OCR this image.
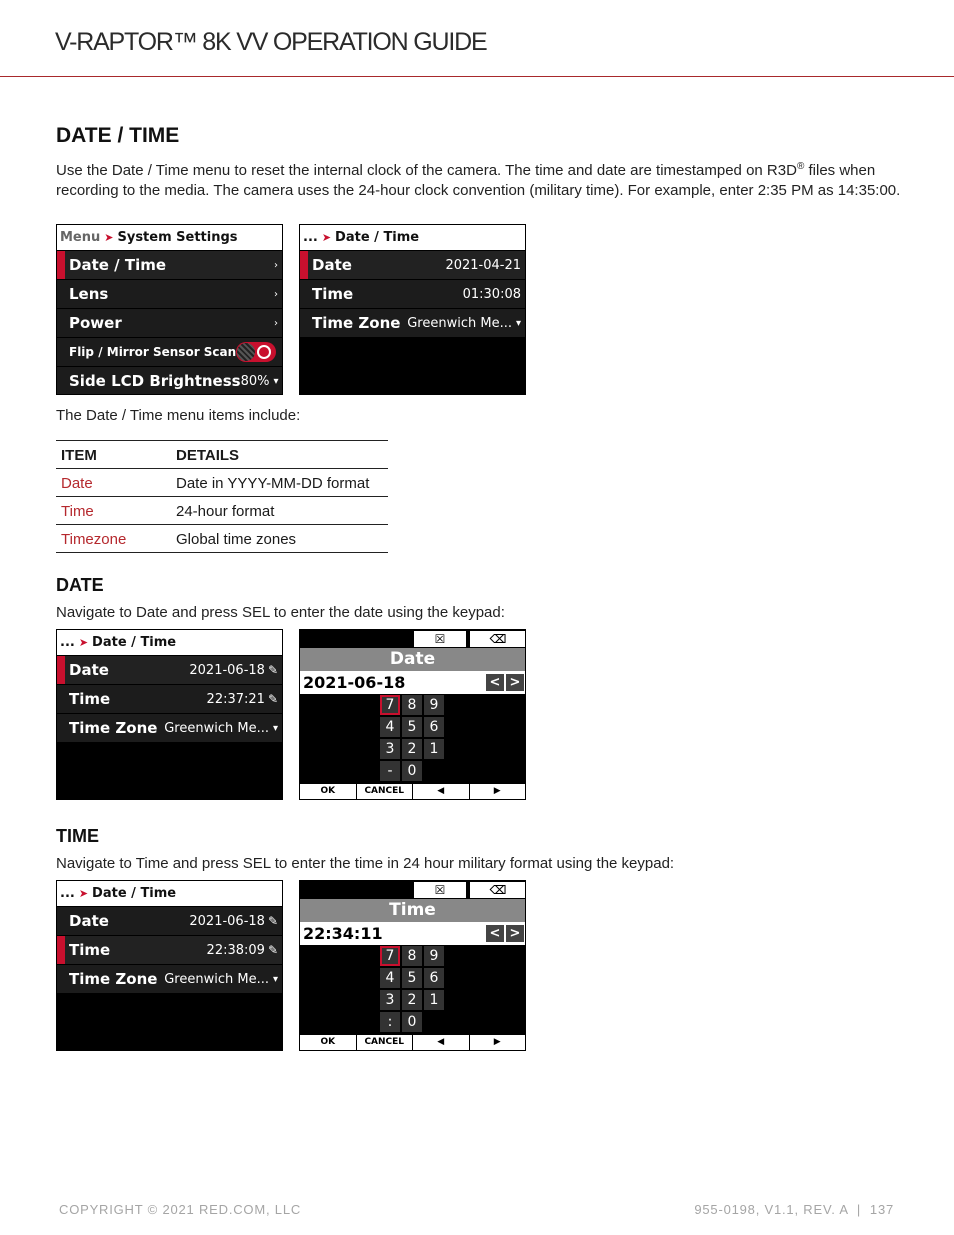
V-RAPTOR™ 8K VV OPERATION GUIDE
DATE / TIME

Use the Date / Time menu to reset the internal clock of the camera. The time and date are timestamped on R3D® files when recording to the media. The camera uses the 24-hour clock convention (military time). For example, enter 2:35 PM as 14:35:00.

Menu ➤ System Settings
Date / Time	›
Lens	›
Power	›
Flip / Mirror Sensor Scan
Side LCD Brightness 80% ▾
... ➤ Date / Time
Date	2021-04-21
Time	01:30:08
Time Zone Greenwich Me... ▾

The Date / Time menu items include:

ITEM	DETAILS
Date	Date in YYYY-MM-DD format
Time	24-hour format
Timezone	Global time zones
DATE

Navigate to Date and press SEL to enter the date using the keypad:

... ➤ Date / Time
Date	2021-06-18 ✎
Time	22:37:21 ✎
Time Zone Greenwich Me... ▾
☒	⌫
Date
2021-06-18	< >
7 8 9
4 5 6
3 2 1
-	0
OK	CANCEL	◀	▶
TIME

Navigate to Time and press SEL to enter the time in 24 hour military format using the keypad:

... ➤ Date / Time
Date	2021-06-18 ✎
Time	22:38:09 ✎
Time Zone Greenwich Me... ▾
☒	⌫
Time
22:34:11	< >
7 8 9
4 5 6
3 2 1
:	0
OK	CANCEL	◀	▶
COPYRIGHT © 2021 RED.COM, LLC	955-0198, V1.1, REV. A  |  137
